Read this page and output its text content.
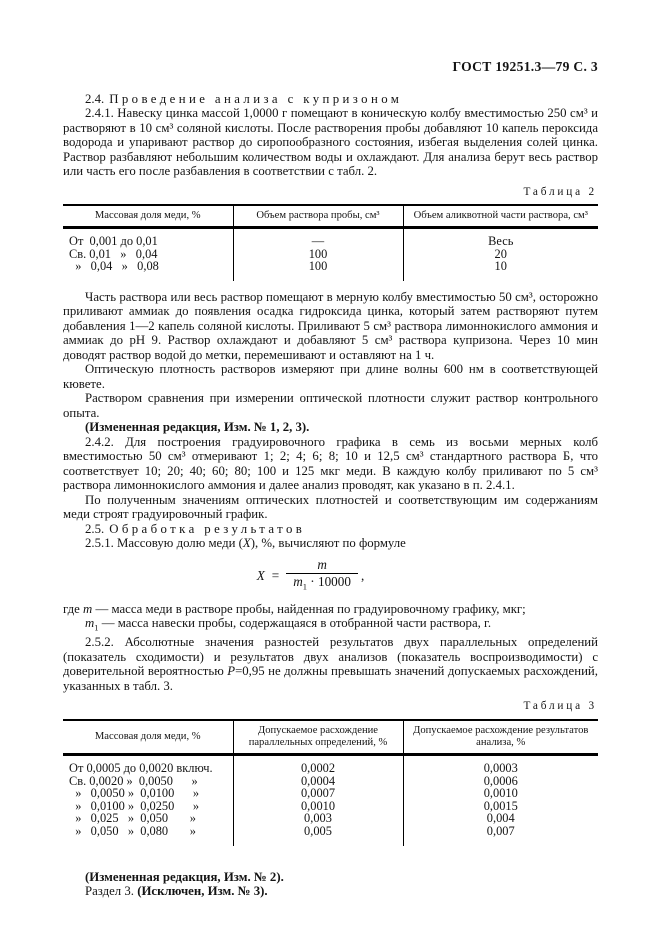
ГОСТ 19251.3—79 С. 3

2.4. Проведение анализа с купризоном

2.4.1. Навеску цинка массой 1,0000 г помещают в коническую колбу вместимостью 250 см³ и растворяют в 10 см³ соляной кислоты. После растворения пробы добавляют 10 капель пероксида водорода и упаривают раствор до сиропообразного состояния, избегая выделения солей цинка. Раствор разбавляют небольшим количеством воды и охлаждают. Для анализа берут весь раствор или часть его после разбавления в соответствии с табл. 2.

Таблица 2
Массовая доля меди, %	Объем раствора пробы, см³	Объем аликвотной части раствора, см³
От  0,001 до 0,01	—	Весь
Св. 0,01   »   0,04	100	20
»   0,04   »   0,08	100	10

Часть раствора или весь раствор помещают в мерную колбу вместимостью 50 см³, осторожно приливают аммиак до появления осадка гидроксида цинка, который затем растворяют путем добавления 1—2 капель соляной кислоты. Приливают 5 см³ раствора лимоннокислого аммония и аммиак до pH 9. Раствор охлаждают и добавляют 5 см³ раствора купризона. Через 10 мин доводят раствор водой до метки, перемешивают и оставляют на 1 ч.

Оптическую плотность растворов измеряют при длине волны 600 нм в соответствующей кювете.

Раствором сравнения при измерении оптической плотности служит раствор контрольного опыта.

(Измененная редакция, Изм. № 1, 2, 3).

2.4.2. Для построения градуировочного графика в семь из восьми мерных колб вместимостью 50 см³ отмеривают 1; 2; 4; 6; 8; 10 и 12,5 см³ стандартного раствора Б, что соответствует 10; 20; 40; 60; 80; 100 и 125 мкг меди. В каждую колбу приливают по 5 см³ раствора лимоннокислого аммония и далее анализ проводят, как указано в п. 2.4.1.

По полученным значениям оптических плотностей и соответствующим им содержаниям меди строят градуировочный график.

2.5. Обработка результатов

2.5.1. Массовую долю меди (X), %, вычисляют по формуле

$X = \frac{m}{m_1 \cdot 10000}$ ,

где m — масса меди в растворе пробы, найденная по градуировочному графику, мкг;

$m_1$ — масса навески пробы, содержащаяся в отобранной части раствора, г.

2.5.2. Абсолютные значения разностей результатов двух параллельных определений (показатель сходимости) и результатов двух анализов (показатель воспроизводимости) с доверительной вероятностью P=0,95 не должны превышать значений допускаемых расхождений, указанных в табл. 3.

Таблица 3
Массовая доля меди, %	Допускаемое расхождение параллельных определений, %	Допускаемое расхождение результатов анализа, %
От 0,0005 до 0,0020 включ.	0,0002	0,0003
Св. 0,0020 »  0,0050      »	0,0004	0,0006
»   0,0050 »  0,0100      »	0,0007	0,0010
»   0,0100 »  0,0250      »	0,0010	0,0015
»   0,025   »  0,050       »	0,003	0,004
»   0,050   »  0,080       »	0,005	0,007

(Измененная редакция, Изм. № 2).

Раздел 3. (Исключен, Изм. № 3).
